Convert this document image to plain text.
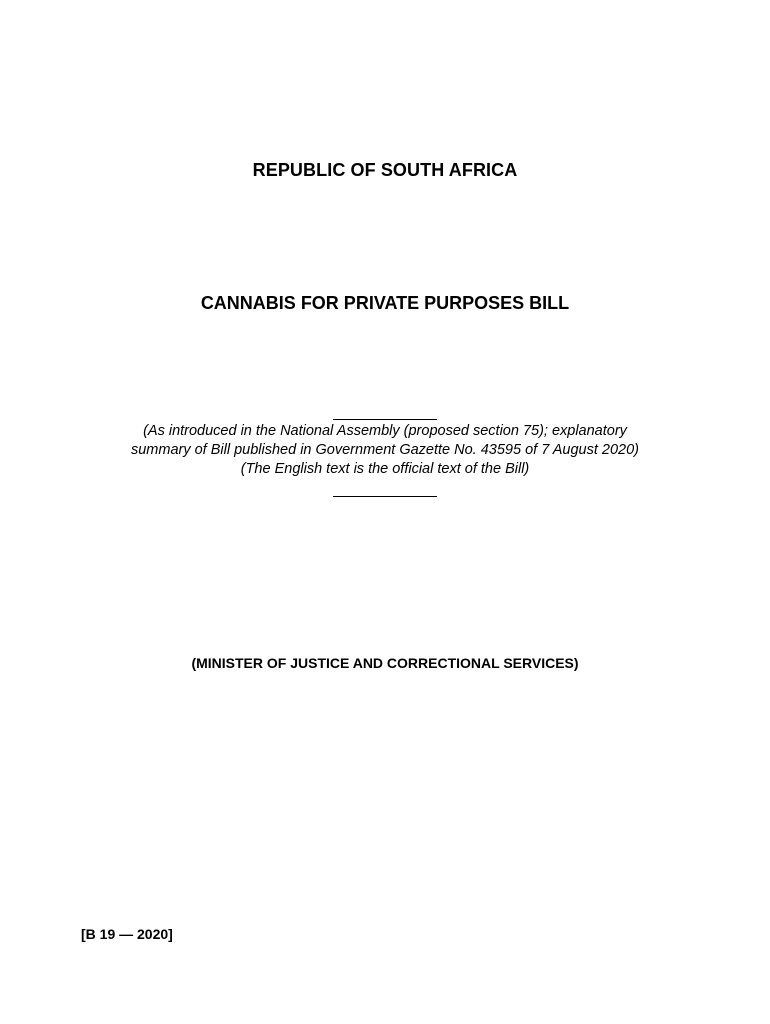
REPUBLIC OF SOUTH AFRICA
CANNABIS FOR PRIVATE PURPOSES BILL
(As introduced in the National Assembly (proposed section 75); explanatory
summary of Bill published in Government Gazette No. 43595 of 7 August 2020)
(The English text is the official text of the Bill)
(MINISTER OF JUSTICE AND CORRECTIONAL SERVICES)
[B 19 — 2020]
